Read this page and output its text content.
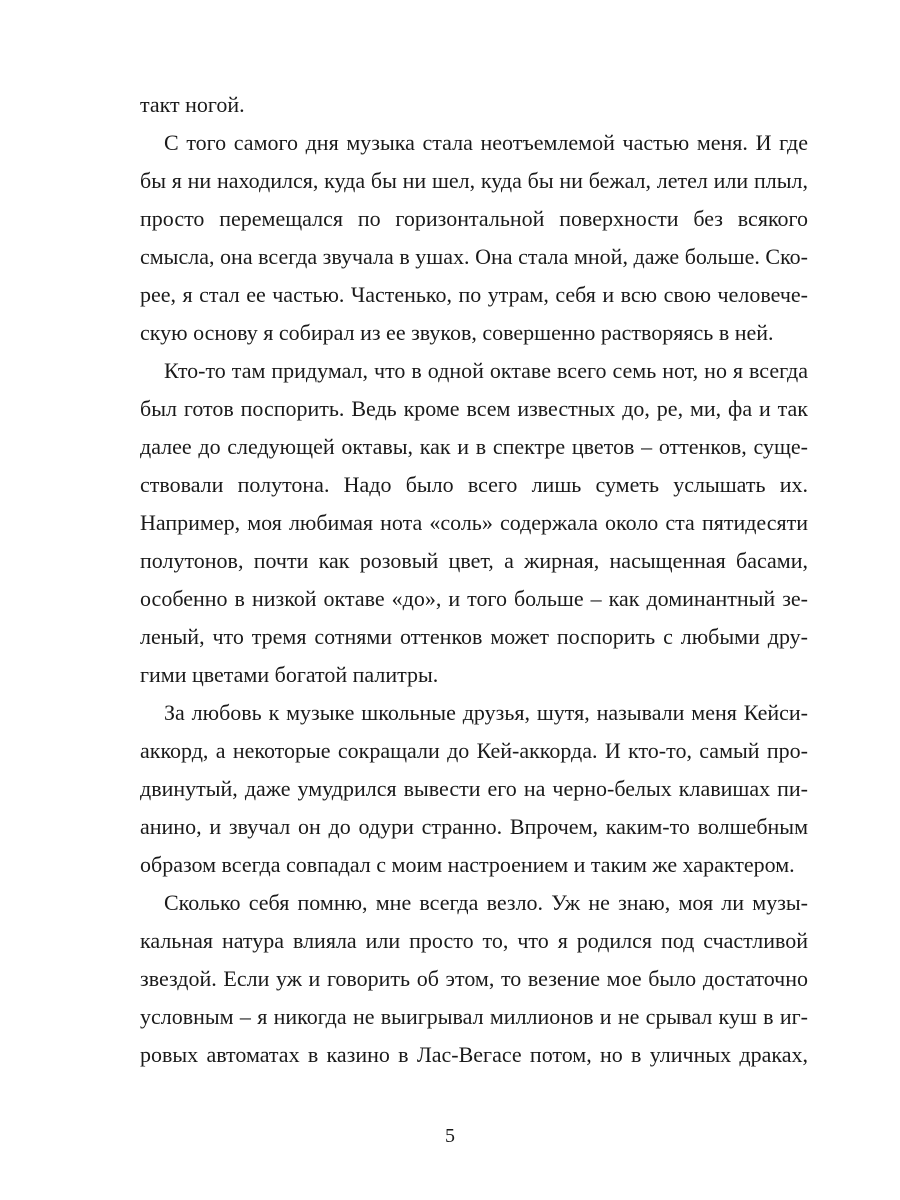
такт ногой.
С того самого дня музыка стала неотъемлемой частью меня. И где
бы я ни находился, куда бы ни шел, куда бы ни бежал, летел или плыл,
просто перемещался по горизонтальной поверхности без всякого
смысла, она всегда звучала в ушах. Она стала мной, даже больше. Ско-
рее, я стал ее частью. Частенько, по утрам, себя и всю свою человече-
скую основу я собирал из ее звуков, совершенно растворяясь в ней.
Кто-то там придумал, что в одной октаве всего семь нот, но я всегда
был готов поспорить. Ведь кроме всем известных до, ре, ми, фа и так
далее до следующей октавы, как и в спектре цветов – оттенков, суще-
ствовали полутона. Надо было всего лишь суметь услышать их.
Например, моя любимая нота «соль» содержала около ста пятидесяти
полутонов, почти как розовый цвет, а жирная, насыщенная басами,
особенно в низкой октаве «до», и того больше – как доминантный зе-
леный, что тремя сотнями оттенков может поспорить с любыми дру-
гими цветами богатой палитры.
За любовь к музыке школьные друзья, шутя, называли меня Кейси-
аккорд, а некоторые сокращали до Кей-аккорда. И кто-то, самый про-
двинутый, даже умудрился вывести его на черно-белых клавишах пи-
анино, и звучал он до одури странно. Впрочем, каким-то волшебным
образом всегда совпадал с моим настроением и таким же характером.
Сколько себя помню, мне всегда везло. Уж не знаю, моя ли музы-
кальная натура влияла или просто то, что я родился под счастливой
звездой. Если уж и говорить об этом, то везение мое было достаточно
условным – я никогда не выигрывал миллионов и не срывал куш в иг-
ровых автоматах в казино в Лас-Вегасе потом, но в уличных драках,
5
